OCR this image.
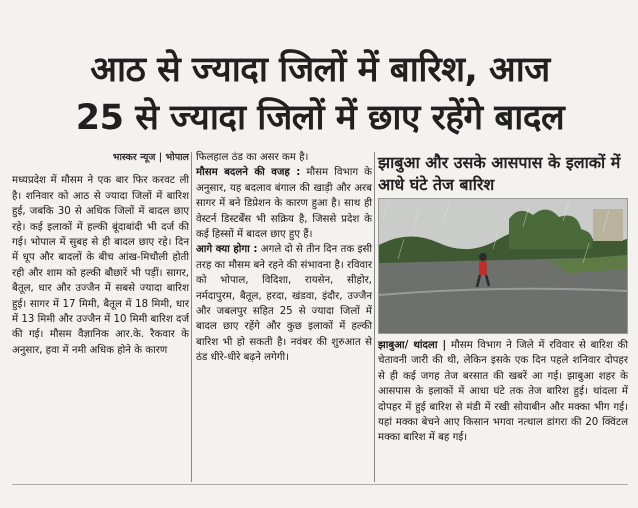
आठ से ज्यादा जिलों में बारिश, आज
25 से ज्यादा जिलों में छाए रहेंगे बादल

भास्कर न्यूज | भोपाल

मध्यप्रदेश में मौसम ने एक बार फिर करवट ली है। शनिवार को आठ से ज्यादा जिलों में बारिश हुई, जबकि 30 से अधिक जिलों में बादल छाए रहे। कई इलाकों में हल्की बूंदाबांदी भी दर्ज की गई। भोपाल में सुबह से ही बादल छाए रहे। दिन में धूप और बादलों के बीच आंख-मिचौली होती रही और शाम को हल्की बौछारें भी पड़ीं। सागर, बैतूल, धार और उज्जैन में सबसे ज्यादा बारिश हुई। सागर में 17 मिमी, बैतूल में 18 मिमी, धार में 13 मिमी और उज्जैन में 10 मिमी बारिश दर्ज की गई। मौसम वैज्ञानिक आर.के. रैकवार के अनुसार, हवा में नमी अधिक होने के कारण

फिलहाल ठंड का असर कम है।

मौसम बदलने की वजह : मौसम विभाग के अनुसार, यह बदलाव बंगाल की खाड़ी और अरब सागर में बने डिप्रेशन के कारण हुआ है। साथ ही वेस्टर्न डिस्टर्बेंस भी सक्रिय है, जिससे प्रदेश के कई हिस्सों में बादल छाए हुए हैं।

आगे क्या होगा : अगले दो से तीन दिन तक इसी तरह का मौसम बने रहने की संभावना है। रविवार को भोपाल, विदिशा, रायसेन, सीहोर, नर्मदापुरम, बैतूल, हरदा, खंडवा, इंदौर, उज्जैन और जबलपुर सहित 25 से ज्यादा जिलों में बादल छाए रहेंगे और कुछ इलाकों में हल्की बारिश भी हो सकती है। नवंबर की शुरुआत से ठंड धीरे-धीरे बढ़ने लगेगी।

झाबुआ और उसके आसपास के इलाकों में आधे घंटे तेज बारिश
झाबुआ/ थांदला | मौसम विभाग ने जिले में रविवार से बारिश की चेतावनी जारी की थी, लेकिन इसके एक दिन पहले शनिवार दोपहर से ही कई जगह तेज बरसात की खबरें आ गई। झाबुआ शहर के आसपास के इलाकों में आधा घंटे तक तेज बारिश हुई। थांदला में दोपहर में हुई बारिश से मंडी में रखी सोयाबीन और मक्का भीग गई। यहां मक्का बेचने आए किसान भगवा नत्थाल डांगरा की 20 क्विंटल मक्का बारिश में बह गई।
